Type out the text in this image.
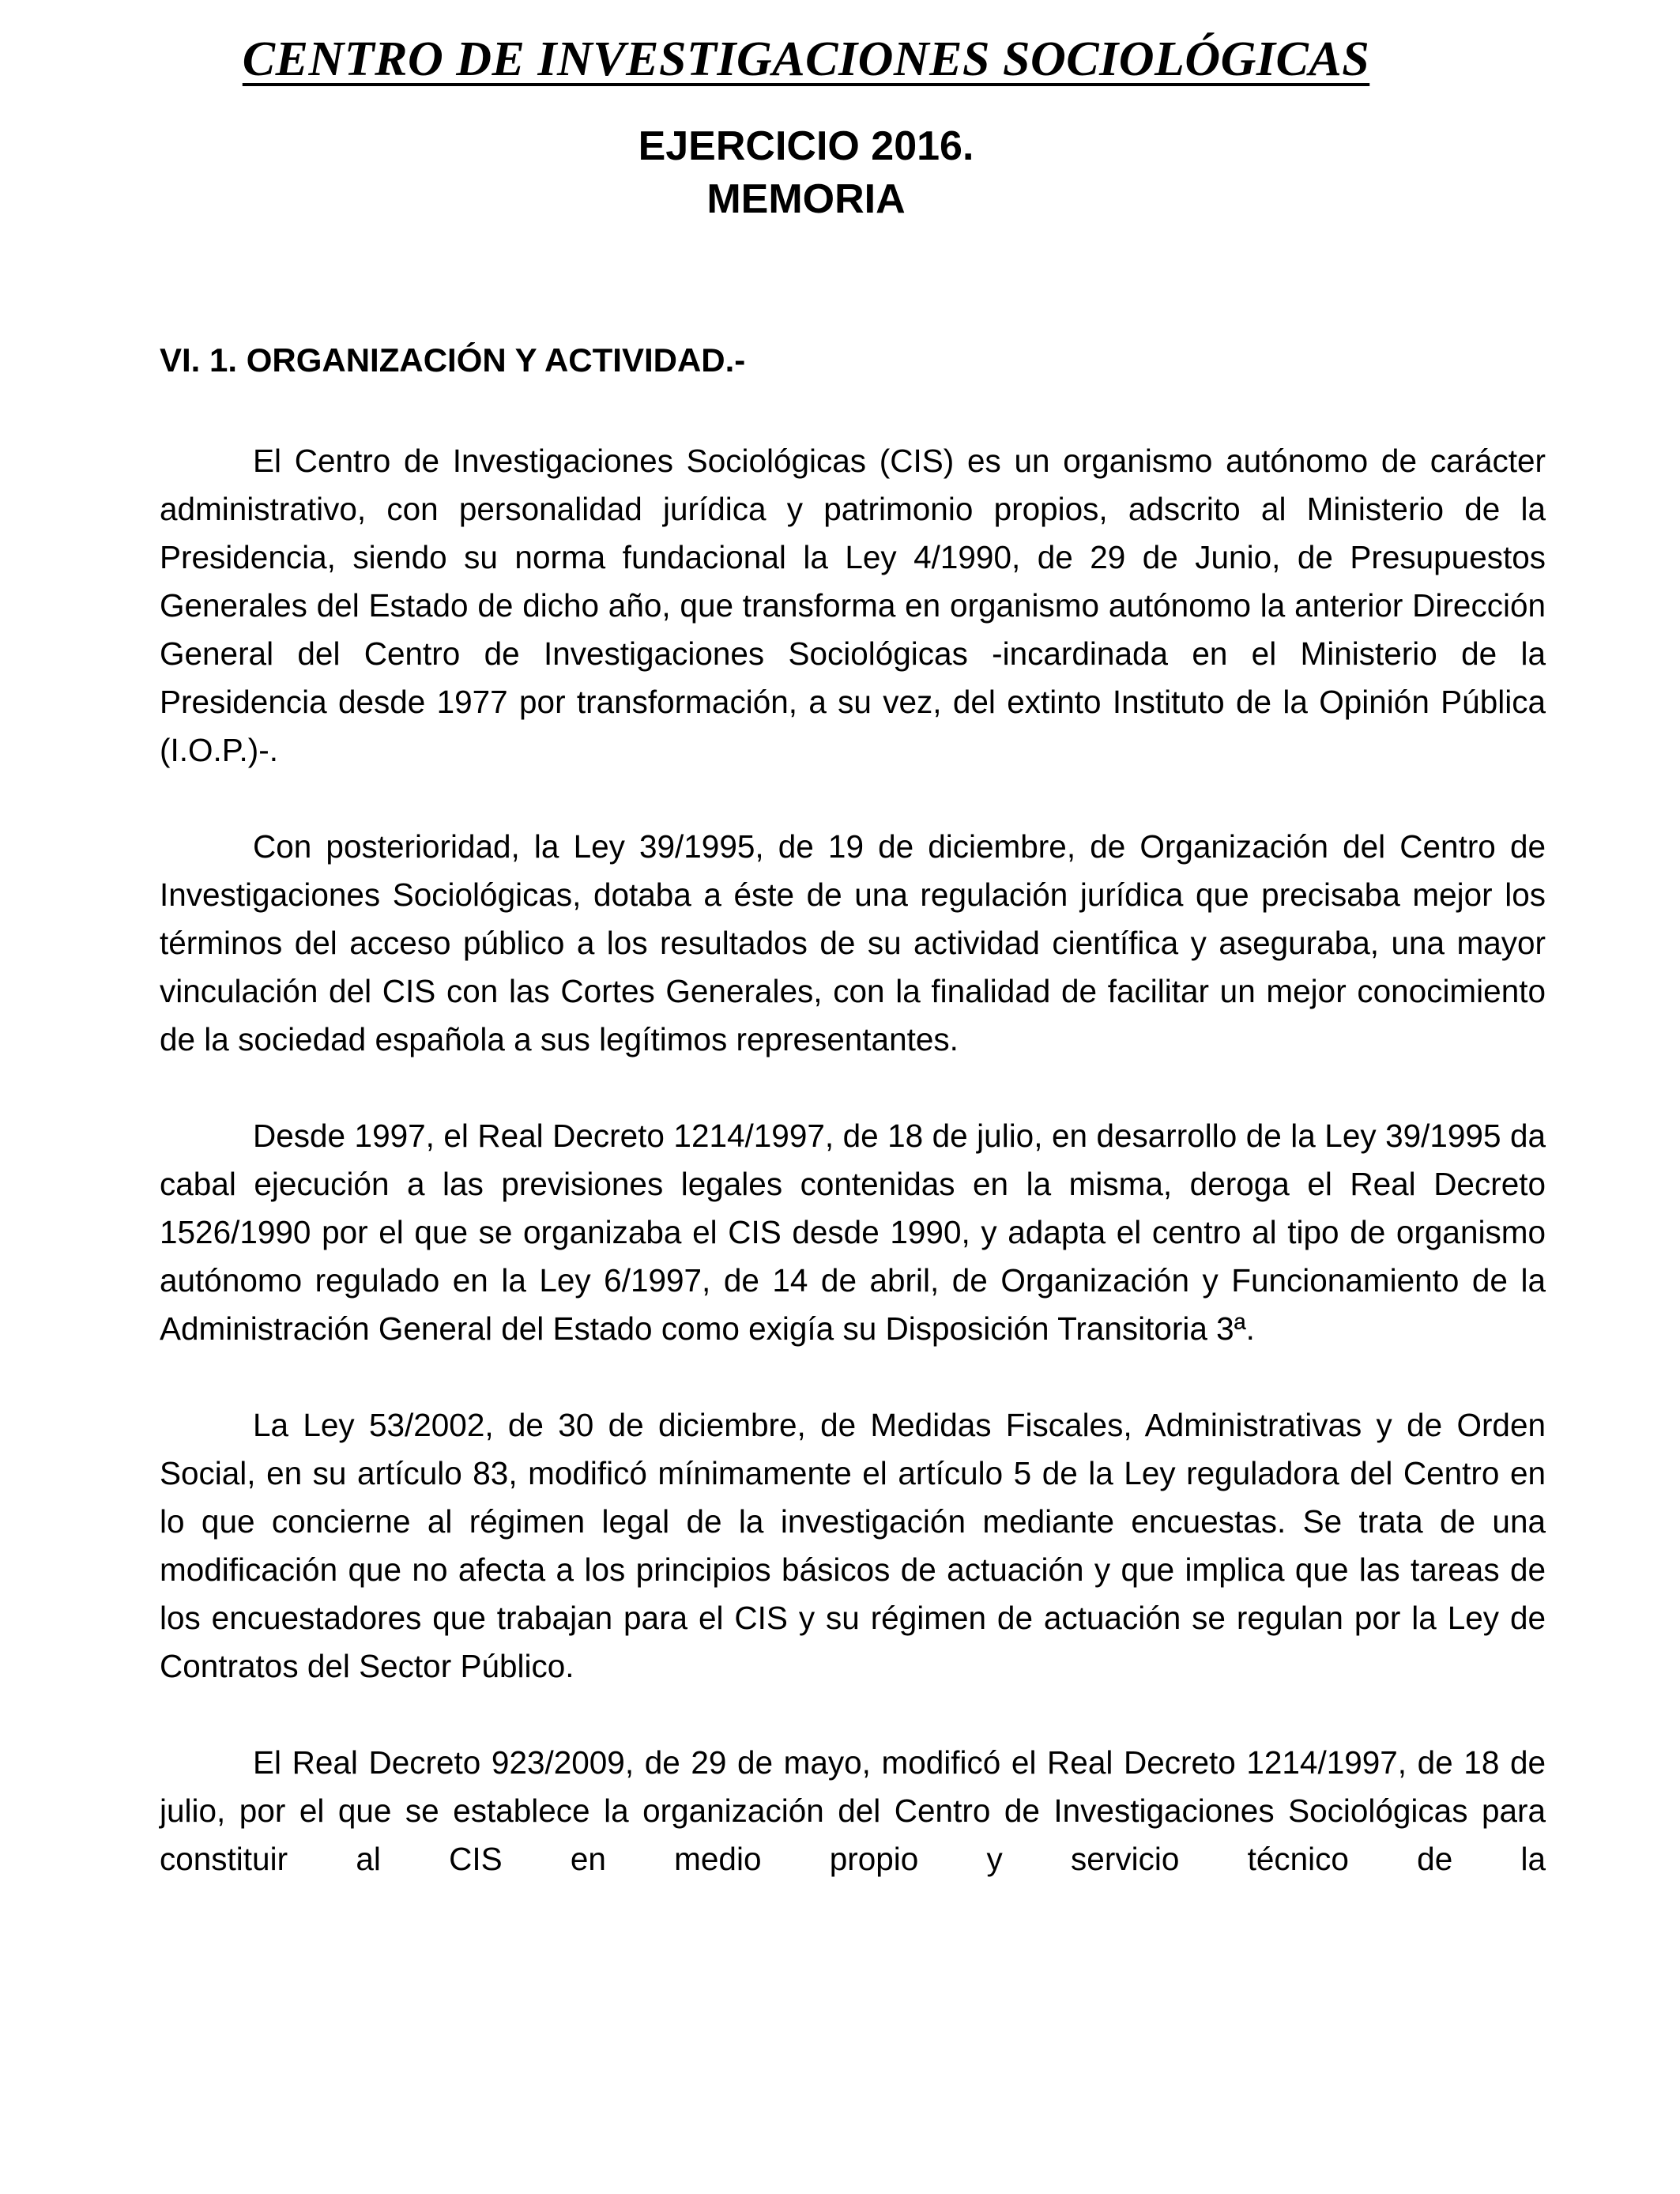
CENTRO DE INVESTIGACIONES SOCIOLÓGICAS
EJERCICIO 2016.
MEMORIA
VI. 1. ORGANIZACIÓN Y ACTIVIDAD.-

El Centro de Investigaciones Sociológicas (CIS) es un organismo autónomo de carácter administrativo, con personalidad jurídica y patrimonio propios, adscrito al Ministerio de la Presidencia, siendo su norma fundacional la Ley 4/1990, de 29 de Junio, de Presupuestos Generales del Estado de dicho año, que transforma en organismo autónomo la anterior Dirección General del Centro de Investigaciones Sociológicas -incardinada en el Ministerio de la Presidencia desde 1977 por transformación, a su vez, del extinto Instituto de la Opinión Pública (I.O.P.)-.

Con posterioridad, la Ley 39/1995, de 19 de diciembre, de Organización del Centro de Investigaciones Sociológicas, dotaba a éste de una regulación jurídica que precisaba mejor los términos del acceso público a los resultados de su actividad científica y aseguraba, una mayor vinculación del CIS con las Cortes Generales, con la finalidad de facilitar un mejor conocimiento de la sociedad española a sus legítimos representantes.

Desde 1997, el Real Decreto 1214/1997, de 18 de julio, en desarrollo de la Ley 39/1995 da cabal ejecución a las previsiones legales contenidas en la misma, deroga el Real Decreto 1526/1990 por el que se organizaba el CIS desde 1990, y adapta el centro al tipo de organismo autónomo regulado en la Ley 6/1997, de 14 de abril, de Organización y Funcionamiento de la Administración General del Estado como exigía su Disposición Transitoria 3ª.

La Ley 53/2002, de 30 de diciembre, de Medidas Fiscales, Administrativas y de Orden Social, en su artículo 83, modificó mínimamente el artículo 5 de la Ley reguladora del Centro en lo que concierne al régimen legal de la investigación mediante encuestas. Se trata de una modificación que no afecta a los principios básicos de actuación y que implica que las tareas de los encuestadores que trabajan para el CIS y su régimen de actuación se regulan por la Ley de Contratos del Sector Público.

El Real Decreto 923/2009, de 29 de mayo, modificó el Real Decreto 1214/1997, de 18 de julio, por el que se establece la organización del Centro de Investigaciones Sociológicas para constituir al CIS en medio propio y servicio técnico de la
